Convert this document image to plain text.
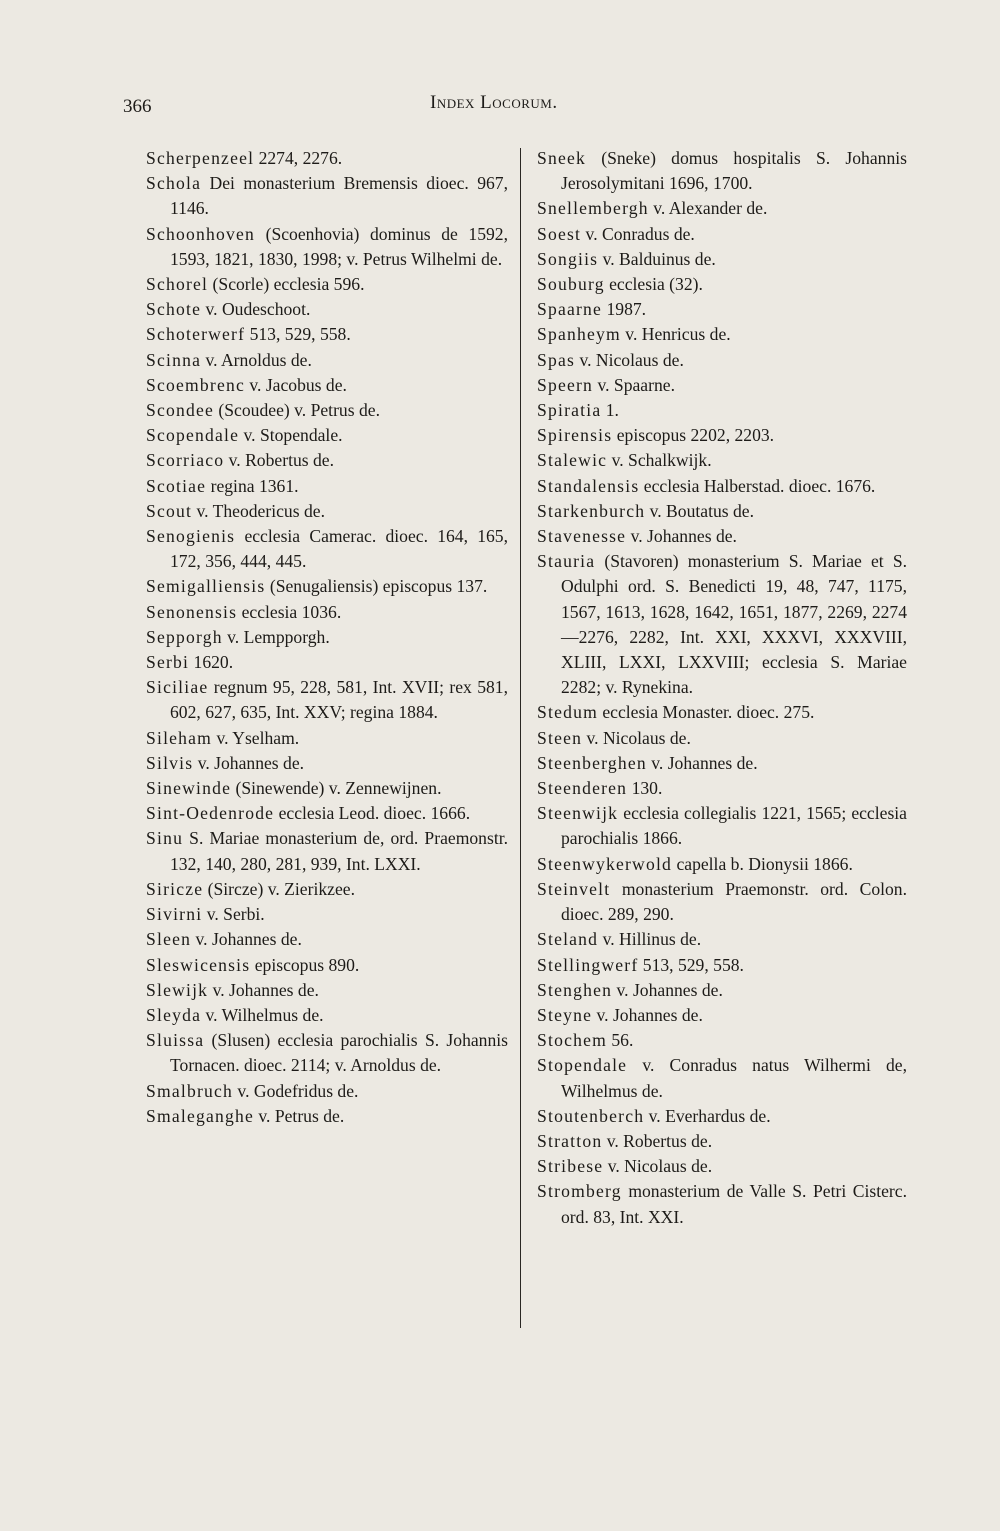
366	Index Locorum.
Scherpenzeel 2274, 2276.
Schola Dei monasterium Bremensis dioec. 967, 1146.
Schoonhoven (Scoenhovia) dominus de 1592, 1593, 1821, 1830, 1998; v. Petrus Wilhelmi de.
Schorel (Scorle) ecclesia 596.
Schote v. Oudeschoot.
Schoterwerf 513, 529, 558.
Scinna v. Arnoldus de.
Scoembrenc v. Jacobus de.
Scondee (Scoudee) v. Petrus de.
Scopendale v. Stopendale.
Scorriaco v. Robertus de.
Scotiae regina 1361.
Scout v. Theodericus de.
Senogienis ecclesia Camerac. dioec. 164, 165, 172, 356, 444, 445.
Semigalliensis (Senugaliensis) episcopus 137.
Senonensis ecclesia 1036.
Sepporgh v. Lempporgh.
Serbi 1620.
Siciliae regnum 95, 228, 581, Int. XVII; rex 581, 602, 627, 635, Int. XXV; regina 1884.
Sileham v. Yselham.
Silvis v. Johannes de.
Sinewinde (Sinewende) v. Zennewijnen.
Sint-Oedenrode ecclesia Leod. dioec. 1666.
Sinu S. Mariae monasterium de, ord. Praemonstr. 132, 140, 280, 281, 939, Int. LXXI.
Siricze (Sircze) v. Zierikzee.
Sivirni v. Serbi.
Sleen v. Johannes de.
Sleswicensis episcopus 890.
Slewijk v. Johannes de.
Sleyda v. Wilhelmus de.
Sluissa (Slusen) ecclesia parochialis S. Johannis Tornacen. dioec. 2114; v. Arnoldus de.
Smalbruch v. Godefridus de.
Smaleganghe v. Petrus de.
Sneek (Sneke) domus hospitalis S. Johannis Jerosolymitani 1696, 1700.
Snellembergh v. Alexander de.
Soest v. Conradus de.
Songiis v. Balduinus de.
Souburg ecclesia (32).
Spaarne 1987.
Spanheym v. Henricus de.
Spas v. Nicolaus de.
Speern v. Spaarne.
Spiratia 1.
Spirensis episcopus 2202, 2203.
Stalewic v. Schalkwijk.
Standalensis ecclesia Halberstad. dioec. 1676.
Starkenburch v. Boutatus de.
Stavenesse v. Johannes de.
Stauria (Stavoren) monasterium S. Mariae et S. Odulphi ord. S. Benedicti 19, 48, 747, 1175, 1567, 1613, 1628, 1642, 1651, 1877, 2269, 2274—2276, 2282, Int. XXI, XXXVI, XXXVIII, XLIII, LXXI, LXXVIII; ecclesia S. Mariae 2282; v. Rynekina.
Stedum ecclesia Monaster. dioec. 275.
Steen v. Nicolaus de.
Steenberghen v. Johannes de.
Steenderen 130.
Steenwijk ecclesia collegialis 1221, 1565; ecclesia parochialis 1866.
Steenwykerwold capella b. Dionysii 1866.
Steinvelt monasterium Praemonstr. ord. Colon. dioec. 289, 290.
Steland v. Hillinus de.
Stellingwerf 513, 529, 558.
Stenghen v. Johannes de.
Steyne v. Johannes de.
Stochem 56.
Stopendale v. Conradus natus Wilhermi de, Wilhelmus de.
Stoutenberch v. Everhardus de.
Stratton v. Robertus de.
Stribese v. Nicolaus de.
Stromberg monasterium de Valle S. Petri Cisterc. ord. 83, Int. XXI.
